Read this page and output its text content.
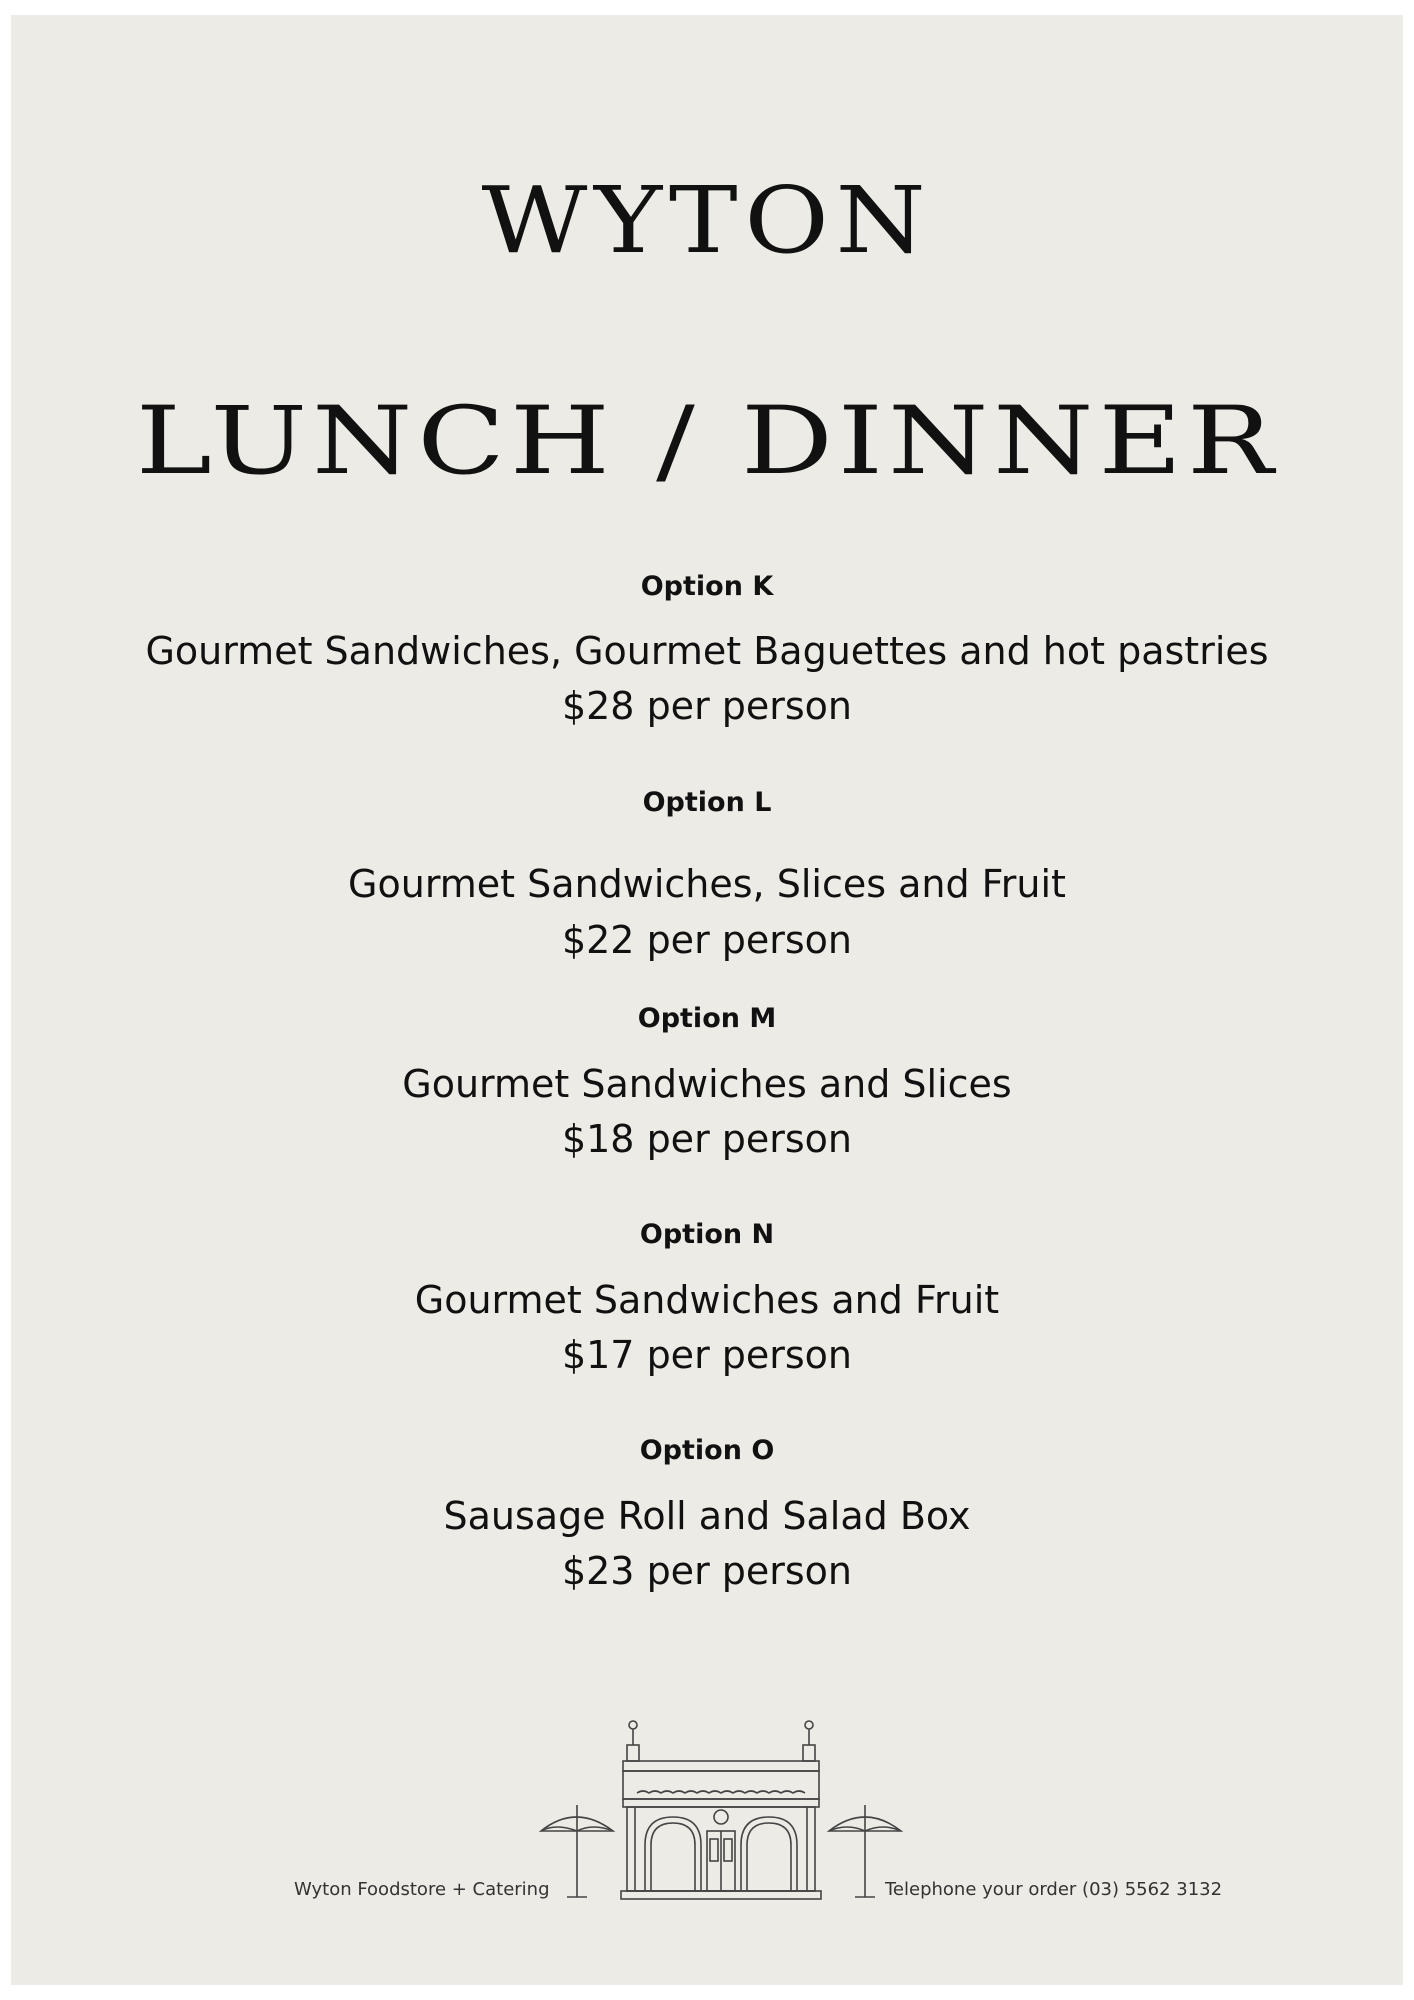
WYTON
LUNCH / DINNER
Option K
Gourmet Sandwiches, Gourmet Baguettes and hot pastries
$28 per person
Option L
Gourmet Sandwiches, Slices and Fruit
$22 per person
Option M
Gourmet Sandwiches and Slices
$18 per person
Option N
Gourmet Sandwiches and Fruit
$17 per person
Option O
Sausage Roll and Salad Box
$23 per person
Wyton Foodstore + Catering	Telephone your order (03) 5562 3132
